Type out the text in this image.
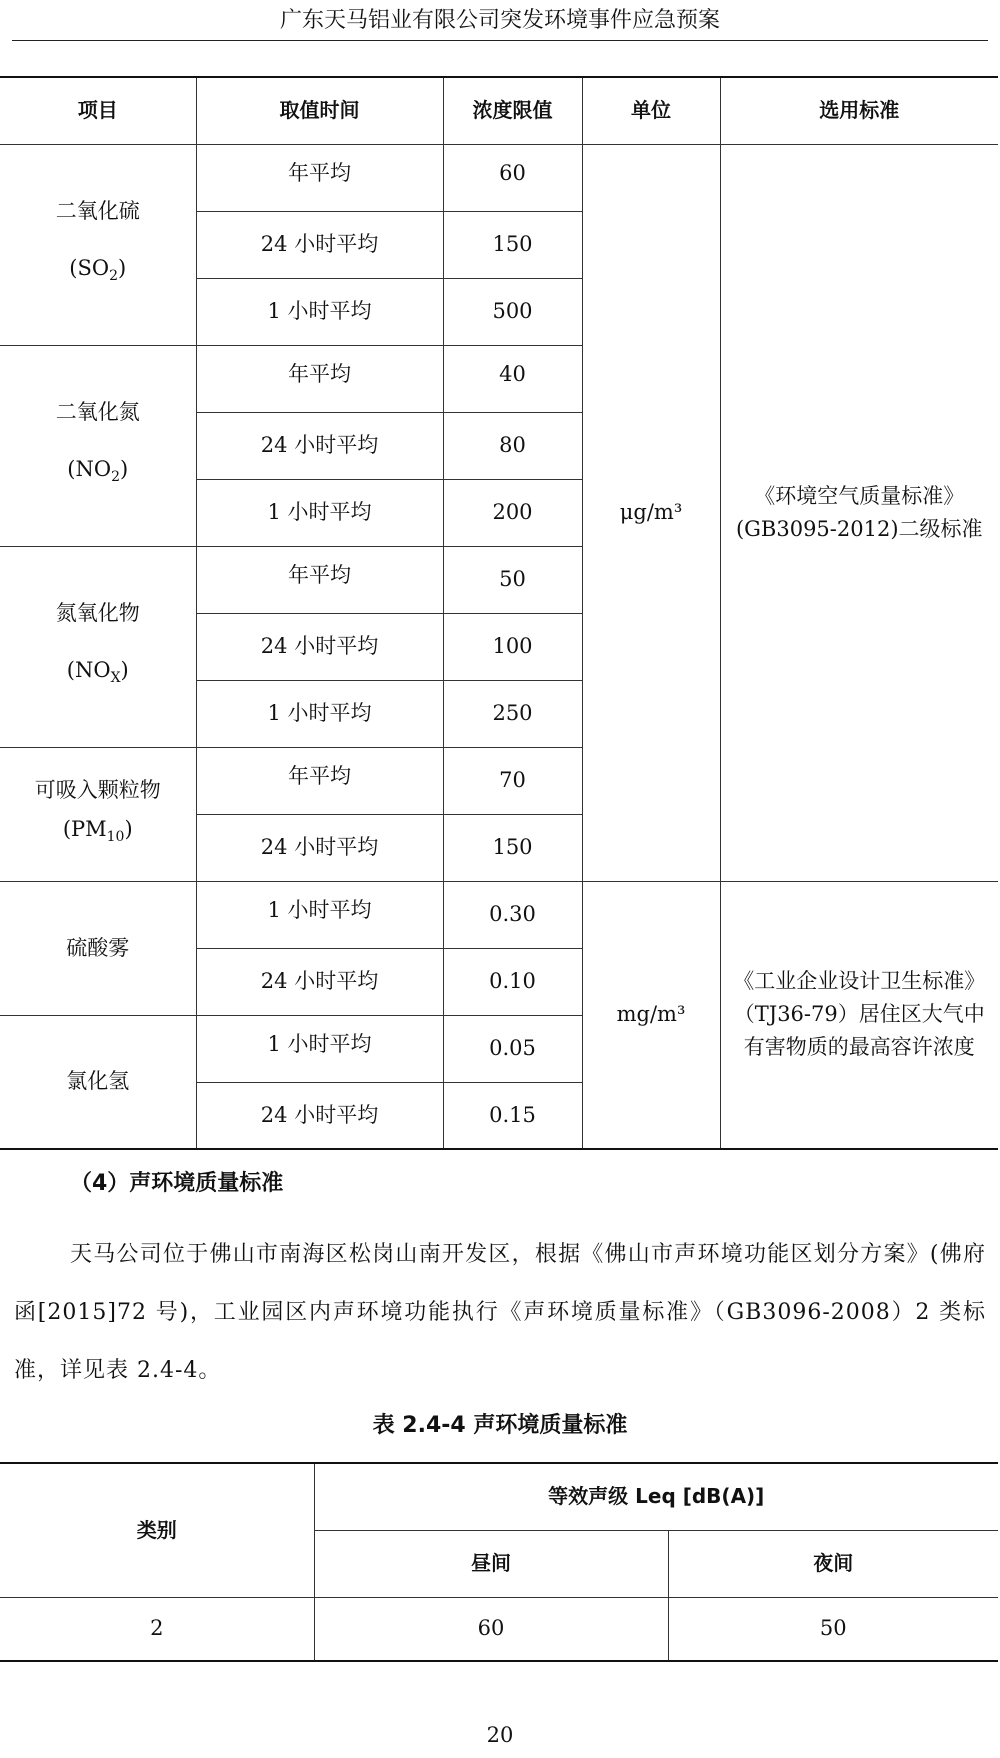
广东天马铝业有限公司突发环境事件应急预案
项目	取值时间	浓度限值	单位	选用标准

二氧化硫
$(SO_2)$	年平均	60	μg/m³	《环境空气质量标准》(GB3095-2012)二级标准
	24 小时平均	150		
	1 小时平均	500		

二氧化氮
$(NO_2)$	年平均	40		
	24 小时平均	80		
	1 小时平均	200		

氮氧化物
$(NO_X)$	年平均	50		
	24 小时平均	100		
	1 小时平均	250		

可吸入颗粒物
$(PM_{10})$	年平均	70		
	24 小时平均	150		
硫酸雾	1 小时平均	0.30	mg/m³	《工业企业设计卫生标准》（TJ36-79）居住区大气中有害物质的最高容许浓度
	24 小时平均	0.10		
氯化氢	1 小时平均	0.05		
	24 小时平均	0.15		
（4）声环境质量标准
天马公司位于佛山市南海区松岗山南开发区，根据《佛山市声环境功能区划分方案》(佛府函[2015]72 号)，工业园区内声环境功能执行《声环境质量标准》（GB3096-2008）2 类标准，详见表 2.4-4。
表 2.4-4 声环境质量标准
类别	等效声级 Leq [dB(A)]	
	昼间	夜间
2	60	50
20
